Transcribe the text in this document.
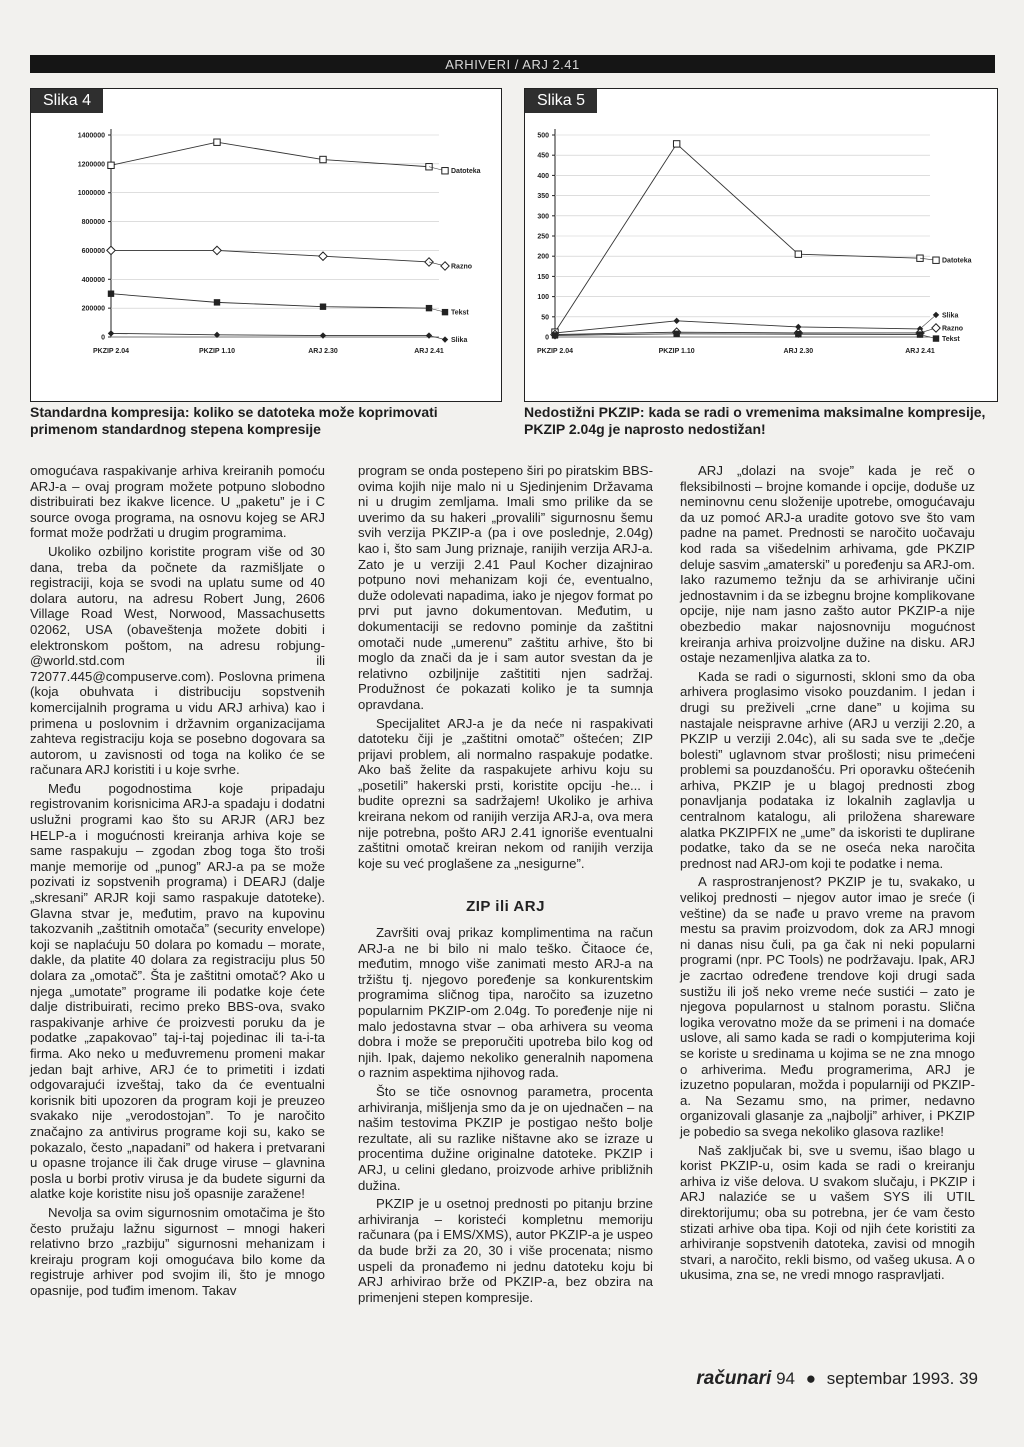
ARHIVERI / ARJ 2.41
Slika 4
0
200000
400000
600000
800000
1000000
1200000
1400000
PKZIP 2.04	PKZIP 1.10	ARJ 2.30	ARJ 2.41
Datoteka
Razno
Tekst
Slika
Standardna kompresija: koliko se datoteka može koprimovati primenom standardnog stepena kompresije
Slika 5
0
50
100
150
200
250
300
350
400
450
500
PKZIP 2.04	PKZIP 1.10	ARJ 2.30	ARJ 2.41
Datoteka
Slika
Razno
Tekst
Nedostižni PKZIP: kada se radi o vremenima maksimalne kompresije, PKZIP 2.04g je naprosto nedostižan!

omogućava raspakivanje arhiva kreiranih pomoću ARJ-a – ovaj program možete potpuno slobodno distribuirati bez ikakve licence. U „paketu” je i C source ovoga programa, na osnovu kojeg se ARJ format može podržati u drugim programima.

Ukoliko ozbiljno koristite program više od 30 dana, treba da počnete da razmišljate o registraciji, koja se svodi na uplatu sume od 40 dolara autoru, na adresu Robert Jung, 2606 Village Road West, Norwood, Massachusetts 02062, USA (obaveštenja možete dobiti i elektronskom poštom, na adresu robjung-@world.std.com ili 72077.445@compuserve.com). Poslovna primena (koja obuhvata i distribuciju sopstvenih komercijalnih programa u vidu ARJ arhiva) kao i primena u poslovnim i državnim organizacijama zahteva registraciju koja se posebno dogovara sa autorom, u zavisnosti od toga na koliko će se računara ARJ koristiti i u koje svrhe.

Među pogodnostima koje pripadaju registrovanim korisnicima ARJ-a spadaju i dodatni uslužni programi kao što su ARJR (ARJ bez HELP-a i mogućnosti kreiranja arhiva koje se same raspakuju – zgodan zbog toga što troši manje memorije od „punog” ARJ-a pa se može pozivati iz sopstvenih programa) i DEARJ (dalje „skresani” ARJR koji samo raspakuje datoteke). Glavna stvar je, međutim, pravo na kupovinu takozvanih „zaštitnih omotača” (security envelope) koji se naplaćuju 50 dolara po komadu – morate, dakle, da platite 40 dolara za registraciju plus 50 dolara za „omotač”. Šta je zaštitni omotač? Ako u njega „umotate” programe ili podatke koje ćete dalje distribuirati, recimo preko BBS-ova, svako raspakivanje arhive će proizvesti poruku da je podatke „zapakovao” taj-i-taj pojedinac ili ta-i-ta firma. Ako neko u međuvremenu promeni makar jedan bajt arhive, ARJ će to primetiti i izdati odgovarajući izveštaj, tako da će eventualni korisnik biti upozoren da program koji je preuzeo svakako nije „verodostojan”. To je naročito značajno za antivirus programe koji su, kako se pokazalo, često „napadani” od hakera i pretvarani u opasne trojance ili čak druge viruse – glavnina posla u borbi protiv virusa je da budete sigurni da alatke koje koristite nisu još opasnije zaražene!

Nevolja sa ovim sigurnosnim omotačima je što često pružaju lažnu sigurnost – mnogi hakeri relativno brzo „razbiju” sigurnosni mehanizam i kreiraju program koji omogućava bilo kome da registruje arhiver pod svojim ili, što je mnogo opasnije, pod tuđim imenom. Takav

program se onda postepeno širi po piratskim BBS-ovima kojih nije malo ni u Sjedinjenim Državama ni u drugim zemljama. Imali smo prilike da se uverimo da su hakeri „provalili” sigurnosnu šemu svih verzija PKZIP-a (pa i ove poslednje, 2.04g) kao i, što sam Jung priznaje, ranijih verzija ARJ-a. Zato je u verziji 2.41 Paul Kocher dizajnirao potpuno novi mehanizam koji će, eventualno, duže odolevati napadima, iako je njegov format po prvi put javno dokumentovan. Međutim, u dokumentaciji se redovno pominje da zaštitni omotači nude „umerenu” zaštitu arhive, što bi moglo da znači da je i sam autor svestan da je relativno ozbiljnije zaštititi njen sadržaj. Produžnost će pokazati koliko je ta sumnja opravdana.

Specijalitet ARJ-a je da neće ni raspakivati datoteku čiji je „zaštitni omotač” oštećen; ZIP prijavi problem, ali normalno raspakuje podatke. Ako baš želite da raspakujete arhivu koju su „posetili” hakerski prsti, koristite opciju -he... i budite oprezni sa sadržajem! Ukoliko je arhiva kreirana nekom od ranijih verzija ARJ-a, ova mera nije potrebna, pošto ARJ 2.41 ignoriše eventualni zaštitni omotač kreiran nekom od ranijih verzija koje su već proglašene za „nesigurne”.

ZIP ili ARJ

Završiti ovaj prikaz komplimentima na račun ARJ-a ne bi bilo ni malo teško. Čitaoce će, međutim, mnogo više zanimati mesto ARJ-a na tržištu tj. njegovo poređenje sa konkurentskim programima sličnog tipa, naročito sa izuzetno popularnim PKZIP-om 2.04g. To poređenje nije ni malo jedostavna stvar – oba arhivera su veoma dobra i može se preporučiti upotreba bilo kog od njih. Ipak, dajemo nekoliko generalnih napomena o raznim aspektima njihovog rada.

Što se tiče osnovnog parametra, procenta arhiviranja, mišljenja smo da je on ujednačen – na našim testovima PKZIP je postigao nešto bolje rezultate, ali su razlike ništavne ako se izraze u procentima dužine originalne datoteke. PKZIP i ARJ, u celini gledano, proizvode arhive približnih dužina.

PKZIP je u osetnoj prednosti po pitanju brzine arhiviranja – koristeći kompletnu memoriju računara (pa i EMS/XMS), autor PKZIP-a je uspeo da bude brži za 20, 30 i više procenata; nismo uspeli da pronađemo ni jednu datoteku koju bi ARJ arhivirao brže od PKZIP-a, bez obzira na primenjeni stepen kompresije.

ARJ „dolazi na svoje” kada je reč o fleksibilnosti – brojne komande i opcije, doduše uz neminovnu cenu složenije upotrebe, omogućavaju da uz pomoć ARJ-a uradite gotovo sve što vam padne na pamet. Prednosti se naročito uočavaju kod rada sa višedelnim arhivama, gde PKZIP deluje sasvim „amaterski” u poređenju sa ARJ-om. Iako razumemo težnju da se arhiviranje učini jednostavnim i da se izbegnu brojne komplikovane opcije, nije nam jasno zašto autor PKZIP-a nije obezbedio makar najosnovniju mogućnost kreiranja arhiva proizvoljne dužine na disku. ARJ ostaje nezamenljiva alatka za to.

Kada se radi o sigurnosti, skloni smo da oba arhivera proglasimo visoko pouzdanim. I jedan i drugi su preživeli „crne dane” u kojima su nastajale neispravne arhive (ARJ u verziji 2.20, a PKZIP u verziji 2.04c), ali su sada sve te „dečje bolesti” uglavnom stvar prošlosti; nisu primećeni problemi sa pouzdanošću. Pri oporavku oštećenih arhiva, PKZIP je u blagoj prednosti zbog ponavljanja podataka iz lokalnih zaglavlja u centralnom katalogu, ali priložena shareware alatka PKZIPFIX ne „ume” da iskoristi te duplirane podatke, tako da se ne oseća neka naročita prednost nad ARJ-om koji te podatke i nema.

A rasprostranjenost? PKZIP je tu, svakako, u velikoj prednosti – njegov autor imao je sreće (i veštine) da se nađe u pravo vreme na pravom mestu sa pravim proizvodom, dok za ARJ mnogi ni danas nisu čuli, pa ga čak ni neki popularni programi (npr. PC Tools) ne podržavaju. Ipak, ARJ je zacrtao određene trendove koji drugi sada sustižu ili još neko vreme neće sustići – zato je njegova popularnost u stalnom porastu. Slična logika verovatno može da se primeni i na domaće uslove, ali samo kada se radi o kompjuterima koji se koriste u sredinama u kojima se ne zna mnogo o arhiverima. Među programerima, ARJ je izuzetno popularan, možda i popularniji od PKZIP-a. Na Sezamu smo, na primer, nedavno organizovali glasanje za „najbolji” arhiver, i PKZIP je pobedio sa svega nekoliko glasova razlike!

Naš zaključak bi, sve u svemu, išao blago u korist PKZIP-u, osim kada se radi o kreiranju arhiva iz više delova. U svakom slučaju, i PKZIP i ARJ nalaziće se u vašem SYS ili UTIL direktorijumu; oba su potrebna, jer će vam često stizati arhive oba tipa. Koji od njih ćete koristiti za arhiviranje sopstvenih datoteka, zavisi od mnogih stvari, a naročito, rekli bismo, od vašeg ukusa. A o ukusima, zna se, ne vredi mnogo raspravljati.

računari 94 ● septembar 1993. 39
